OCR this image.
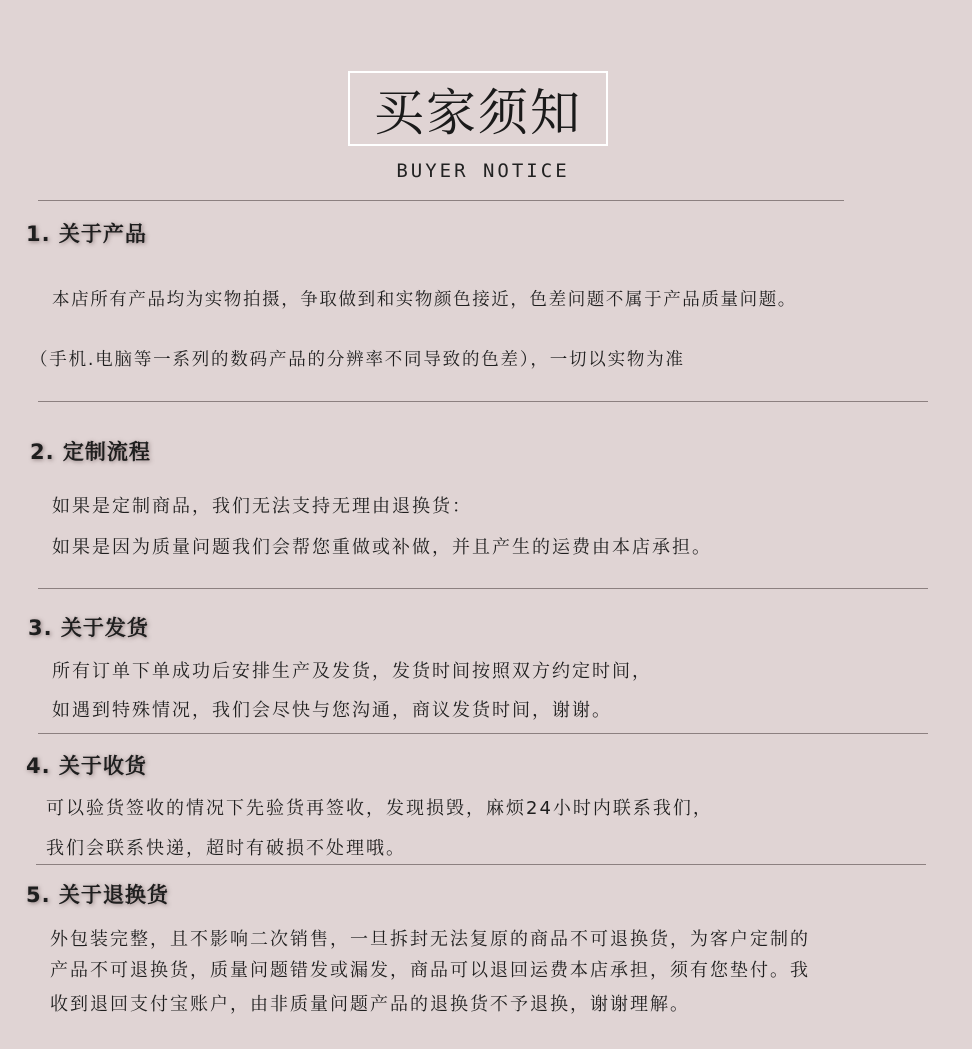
买家须知
BUYER NOTICE
1. 关于产品
本店所有产品均为实物拍摄，争取做到和实物颜色接近，色差问题不属于产品质量问题。
（手机.电脑等一系列的数码产品的分辨率不同导致的色差），一切以实物为准
2. 定制流程
如果是定制商品，我们无法支持无理由退换货：
如果是因为质量问题我们会帮您重做或补做，并且产生的运费由本店承担。
3. 关于发货
所有订单下单成功后安排生产及发货，发货时间按照双方约定时间，
如遇到特殊情况，我们会尽快与您沟通，商议发货时间，谢谢。
4. 关于收货
可以验货签收的情况下先验货再签收，发现损毁，麻烦24小时内联系我们，
我们会联系快递，超时有破损不处理哦。
5. 关于退换货
外包装完整，且不影响二次销售，一旦拆封无法复原的商品不可退换货，为客户定制的
产品不可退换货，质量问题错发或漏发，商品可以退回运费本店承担，须有您垫付。我
收到退回支付宝账户，由非质量问题产品的退换货不予退换，谢谢理解。
